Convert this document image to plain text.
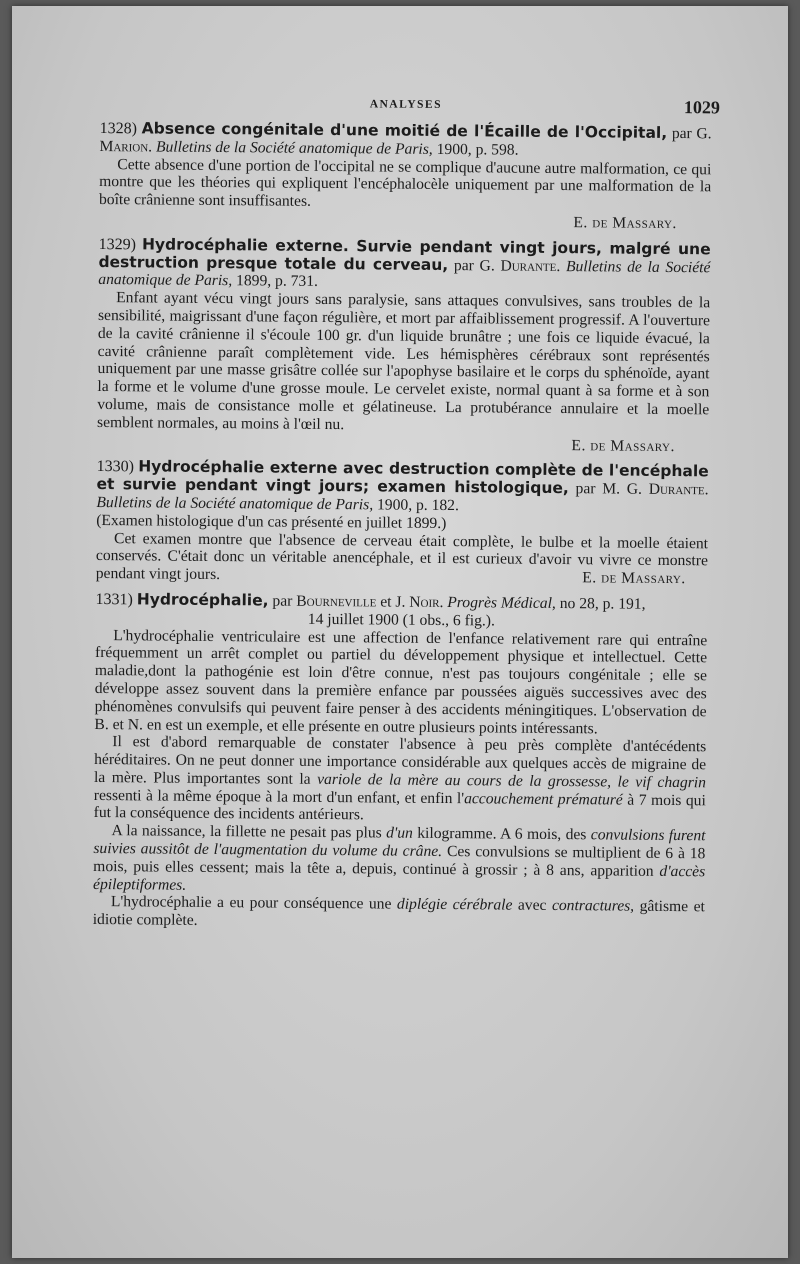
ANALYSES	1029

1328) Absence congénitale d'une moitié de l'Écaille de l'Occipital, par G. Marion. Bulletins de la Société anatomique de Paris, 1900, p. 598.

Cette absence d'une portion de l'occipital ne se complique d'aucune autre malformation, ce qui montre que les théories qui expliquent l'encéphalocèle uniquement par une malformation de la boîte crânienne sont insuffisantes.

E. de Massary.

1329) Hydrocéphalie externe. Survie pendant vingt jours, malgré une destruction presque totale du cerveau, par G. Durante. Bulletins de la Société anatomique de Paris, 1899, p. 731.

Enfant ayant vécu vingt jours sans paralysie, sans attaques convulsives, sans troubles de la sensibilité, maigrissant d'une façon régulière, et mort par affaiblissement progressif. A l'ouverture de la cavité crânienne il s'écoule 100 gr. d'un liquide brunâtre ; une fois ce liquide évacué, la cavité crânienne paraît complètement vide. Les hémisphères cérébraux sont représentés uniquement par une masse grisâtre collée sur l'apophyse basilaire et le corps du sphénoïde, ayant la forme et le volume d'une grosse moule. Le cervelet existe, normal quant à sa forme et à son volume, mais de consistance molle et gélatineuse. La protubérance annulaire et la moelle semblent normales, au moins à l'œil nu.

E. de Massary.

1330) Hydrocéphalie externe avec destruction complète de l'encéphale et survie pendant vingt jours; examen histologique, par M. G. Durante. Bulletins de la Société anatomique de Paris, 1900, p. 182.

(Examen histologique d'un cas présenté en juillet 1899.)

Cet examen montre que l'absence de cerveau était complète, le bulbe et la moelle étaient conservés. C'était donc un véritable anencéphale, et il est curieux d'avoir vu vivre ce monstre pendant vingt jours.	E. de Massary.

1331) Hydrocéphalie, par Bourneville et J. Noir. Progrès Médical, no 28, p. 191,

14 juillet 1900 (1 obs., 6 fig.).

L'hydrocéphalie ventriculaire est une affection de l'enfance relativement rare qui entraîne fréquemment un arrêt complet ou partiel du développement physique et intellectuel. Cette maladie,dont la pathogénie est loin d'être connue, n'est pas toujours congénitale ; elle se développe assez souvent dans la première enfance par poussées aiguës successives avec des phénomènes convulsifs qui peuvent faire penser à des accidents méningitiques. L'observation de B. et N. en est un exemple, et elle présente en outre plusieurs points intéressants.

Il est d'abord remarquable de constater l'absence à peu près complète d'antécédents héréditaires. On ne peut donner une importance considérable aux quelques accès de migraine de la mère. Plus importantes sont la variole de la mère au cours de la grossesse, le vif chagrin ressenti à la même époque à la mort d'un enfant, et enfin l'accouchement prématuré à 7 mois qui fut la conséquence des incidents antérieurs.

A la naissance, la fillette ne pesait pas plus d'un kilogramme. A 6 mois, des convulsions furent suivies aussitôt de l'augmentation du volume du crâne. Ces convulsions se multiplient de 6 à 18 mois, puis elles cessent; mais la tête a, depuis, continué à grossir ; à 8 ans, apparition d'accès épileptiformes.

L'hydrocéphalie a eu pour conséquence une diplégie cérébrale avec contractures, gâtisme et idiotie complète.
